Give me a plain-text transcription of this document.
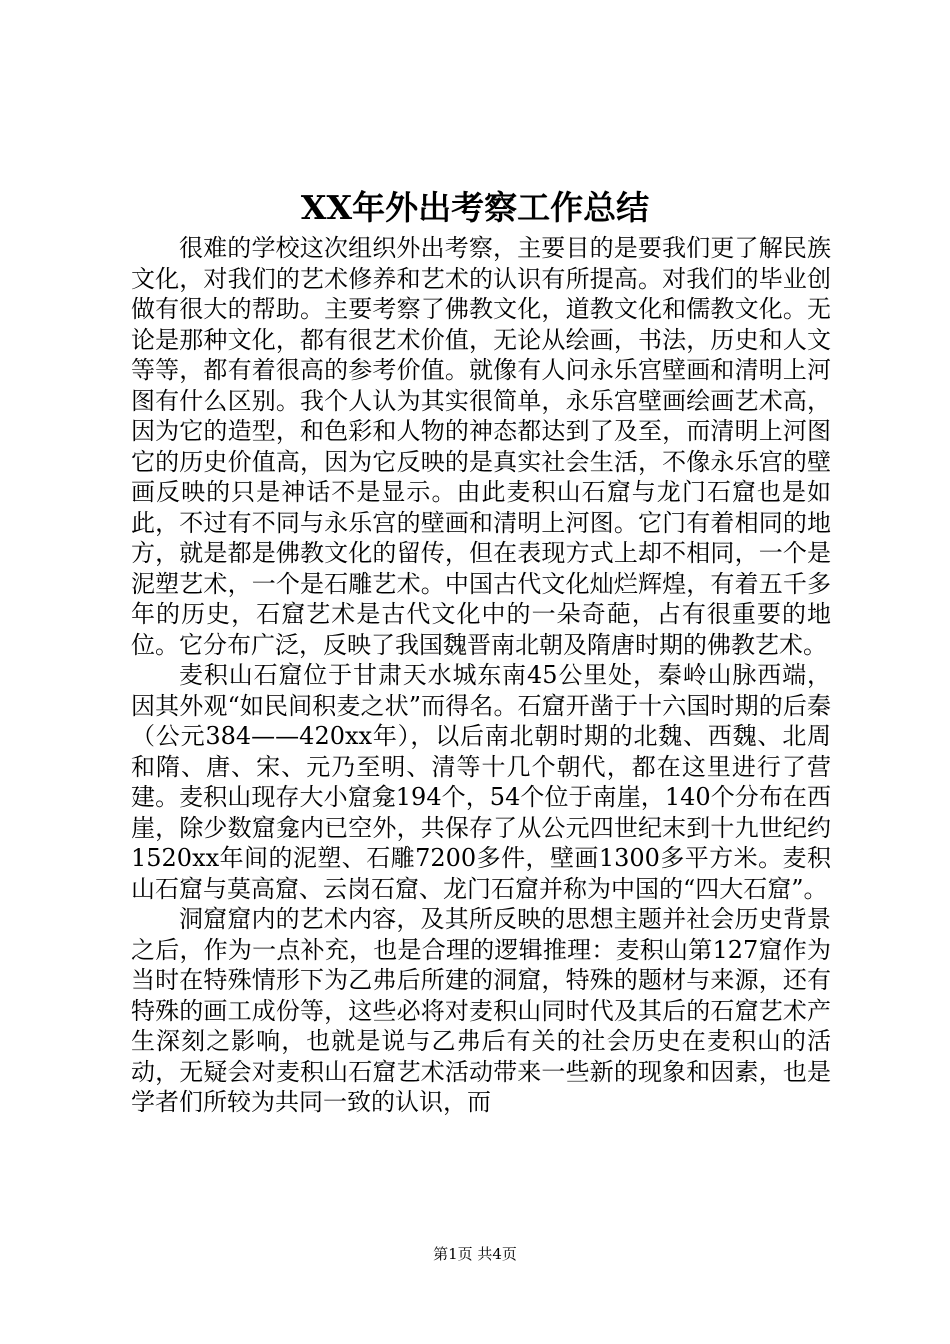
XX年外出考察工作总结

很难的学校这次组织外出考察，主要目的是要我们更了解民族文化，对我们的艺术修养和艺术的认识有所提高。对我们的毕业创做有很大的帮助。主要考察了佛教文化，道教文化和儒教文化。无论是那种文化，都有很艺术价值，无论从绘画，书法，历史和人文等等，都有着很高的参考价值。就像有人问永乐宫壁画和清明上河图有什么区别。我个人认为其实很简单，永乐宫壁画绘画艺术高，因为它的造型，和色彩和人物的神态都达到了及至，而清明上河图它的历史价值高，因为它反映的是真实社会生活，不像永乐宫的壁画反映的只是神话不是显示。由此麦积山石窟与龙门石窟也是如此，不过有不同与永乐宫的壁画和清明上河图。它门有着相同的地方，就是都是佛教文化的留传，但在表现方式上却不相同，一个是泥塑艺术，一个是石雕艺术。中国古代文化灿烂辉煌，有着五千多年的历史，石窟艺术是古代文化中的一朵奇葩，占有很重要的地位。它分布广泛，反映了我国魏晋南北朝及隋唐时期的佛教艺术。

麦积山石窟位于甘肃天水城东南45公里处，秦岭山脉西端，因其外观“如民间积麦之状”而得名。石窟开凿于十六国时期的后秦（公元384——420xx年），以后南北朝时期的北魏、西魏、北周和隋、唐、宋、元乃至明、清等十几个朝代，都在这里进行了营建。麦积山现存大小窟龛194个，54个位于南崖，140个分布在西崖，除少数窟龛内已空外，共保存了从公元四世纪末到十九世纪约1520xx年间的泥塑、石雕7200多件，壁画1300多平方米。麦积山石窟与莫高窟、云岗石窟、龙门石窟并称为中国的“四大石窟”。

洞窟窟内的艺术内容，及其所反映的思想主题并社会历史背景之后，作为一点补充，也是合理的逻辑推理：麦积山第127窟作为当时在特殊情形下为乙弗后所建的洞窟，特殊的题材与来源，还有特殊的画工成份等，这些必将对麦积山同时代及其后的石窟艺术产生深刻之影响，也就是说与乙弗后有关的社会历史在麦积山的活动，无疑会对麦积山石窟艺术活动带来一些新的现象和因素，也是学者们所较为共同一致的认识，而

第1页 共4页
